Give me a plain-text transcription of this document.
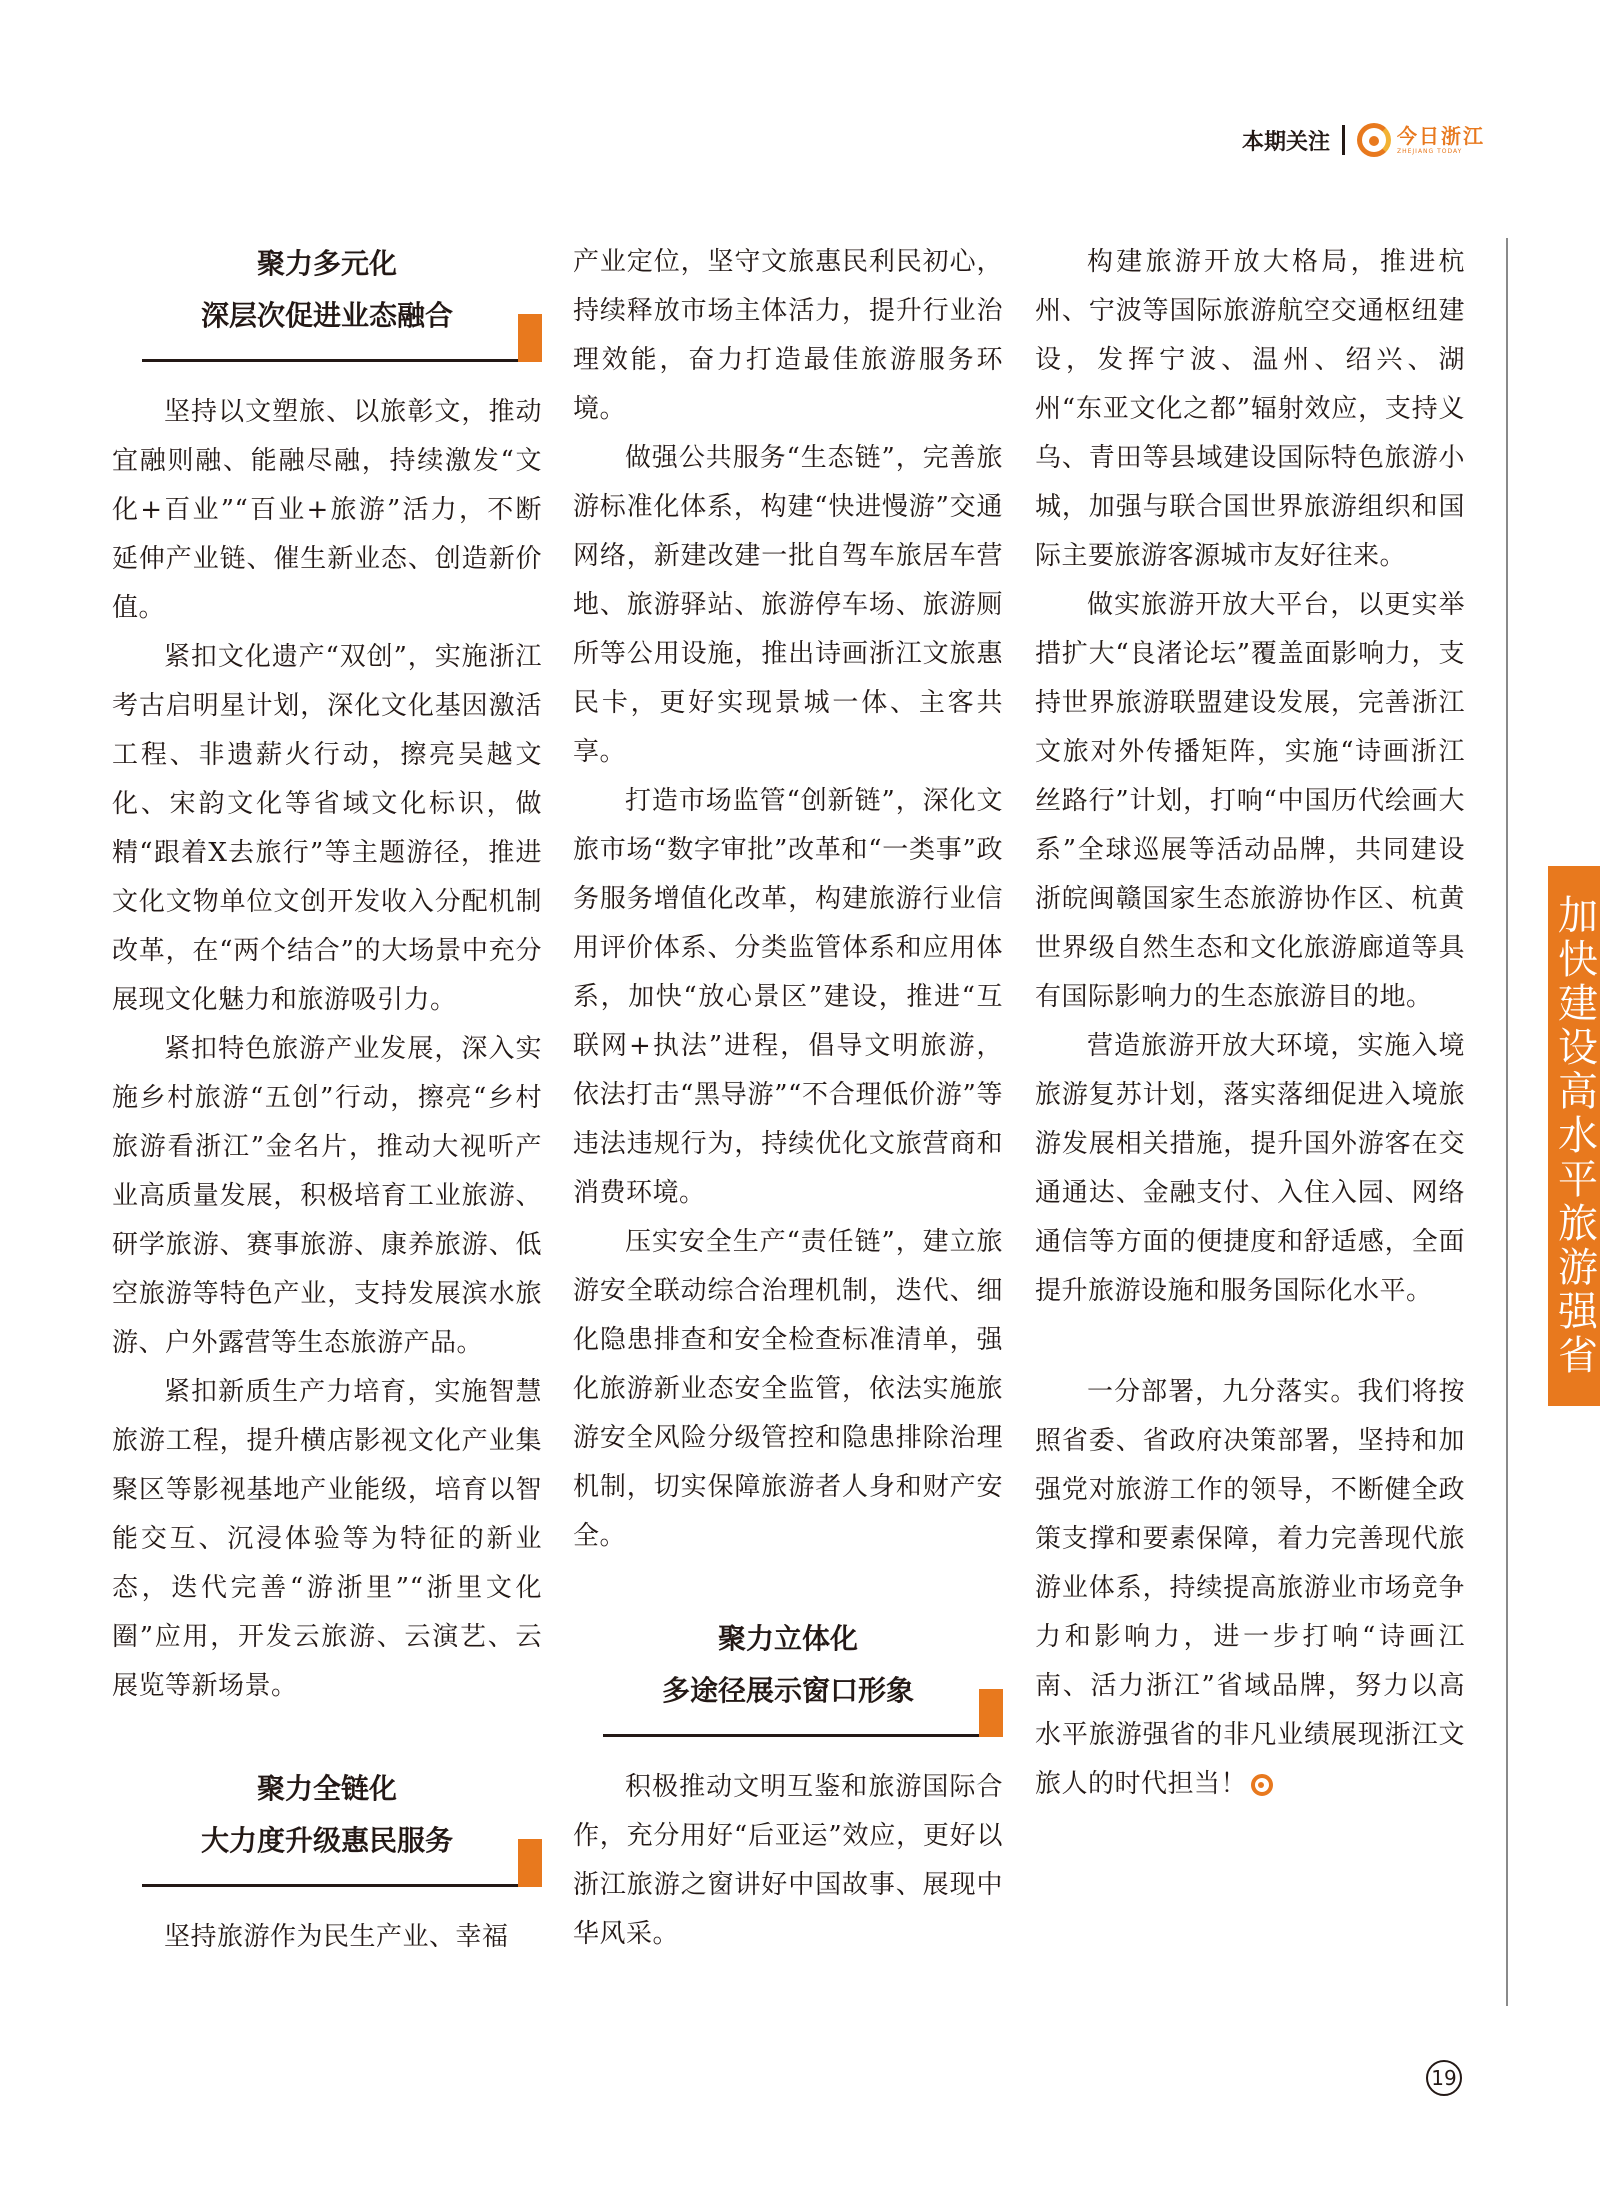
本期关注	今日浙江
ZHEJIANG TODAY
聚力多元化
深层次促进业态融合

坚持以文塑旅、以旅彰文，推动宜融则融、能融尽融，持续激发“文化+百业”“百业+旅游”活力，不断延伸产业链、催生新业态、创造新价值。

紧扣文化遗产“双创”，实施浙江考古启明星计划，深化文化基因激活工程、非遗薪火行动，擦亮吴越文化、宋韵文化等省域文化标识，做精“跟着X去旅行”等主题游径，推进文化文物单位文创开发收入分配机制改革，在“两个结合”的大场景中充分展现文化魅力和旅游吸引力。

紧扣特色旅游产业发展，深入实施乡村旅游“五创”行动，擦亮“乡村旅游看浙江”金名片，推动大视听产业高质量发展，积极培育工业旅游、研学旅游、赛事旅游、康养旅游、低空旅游等特色产业，支持发展滨水旅游、户外露营等生态旅游产品。

紧扣新质生产力培育，实施智慧旅游工程，提升横店影视文化产业集聚区等影视基地产业能级，培育以智能交互、沉浸体验等为特征的新业态，迭代完善“游浙里”“浙里文化圈”应用，开发云旅游、云演艺、云展览等新场景。

聚力全链化
大力度升级惠民服务

坚持旅游作为民生产业、幸福

产业定位，坚守文旅惠民利民初心，持续释放市场主体活力，提升行业治理效能，奋力打造最佳旅游服务环境。

做强公共服务“生态链”，完善旅游标准化体系，构建“快进慢游”交通网络，新建改建一批自驾车旅居车营地、旅游驿站、旅游停车场、旅游厕所等公用设施，推出诗画浙江文旅惠民卡，更好实现景城一体、主客共享。

打造市场监管“创新链”，深化文旅市场“数字审批”改革和“一类事”政务服务增值化改革，构建旅游行业信用评价体系、分类监管体系和应用体系，加快“放心景区”建设，推进“互联网+执法”进程，倡导文明旅游，依法打击“黑导游”“不合理低价游”等违法违规行为，持续优化文旅营商和消费环境。

压实安全生产“责任链”，建立旅游安全联动综合治理机制，迭代、细化隐患排查和安全检查标准清单，强化旅游新业态安全监管，依法实施旅游安全风险分级管控和隐患排除治理机制，切实保障旅游者人身和财产安全。

聚力立体化
多途径展示窗口形象

积极推动文明互鉴和旅游国际合作，充分用好“后亚运”效应，更好以浙江旅游之窗讲好中国故事、展现中华风采。

构建旅游开放大格局，推进杭州、宁波等国际旅游航空交通枢纽建设，发挥宁波、温州、绍兴、湖州“东亚文化之都”辐射效应，支持义乌、青田等县域建设国际特色旅游小城，加强与联合国世界旅游组织和国际主要旅游客源城市友好往来。

做实旅游开放大平台，以更实举措扩大“良渚论坛”覆盖面影响力，支持世界旅游联盟建设发展，完善浙江文旅对外传播矩阵，实施“诗画浙江丝路行”计划，打响“中国历代绘画大系”全球巡展等活动品牌，共同建设浙皖闽赣国家生态旅游协作区、杭黄世界级自然生态和文化旅游廊道等具有国际影响力的生态旅游目的地。

营造旅游开放大环境，实施入境旅游复苏计划，落实落细促进入境旅游发展相关措施，提升国外游客在交通通达、金融支付、入住入园、网络通信等方面的便捷度和舒适感，全面提升旅游设施和服务国际化水平。

一分部署，九分落实。我们将按照省委、省政府决策部署，坚持和加强党对旅游工作的领导，不断健全政策支撑和要素保障，着力完善现代旅游业体系，持续提高旅游业市场竞争力和影响力，进一步打响“诗画江南、活力浙江”省域品牌，努力以高水平旅游强省的非凡业绩展现浙江文旅人的时代担当！

加快建设高水平旅游强省
19
